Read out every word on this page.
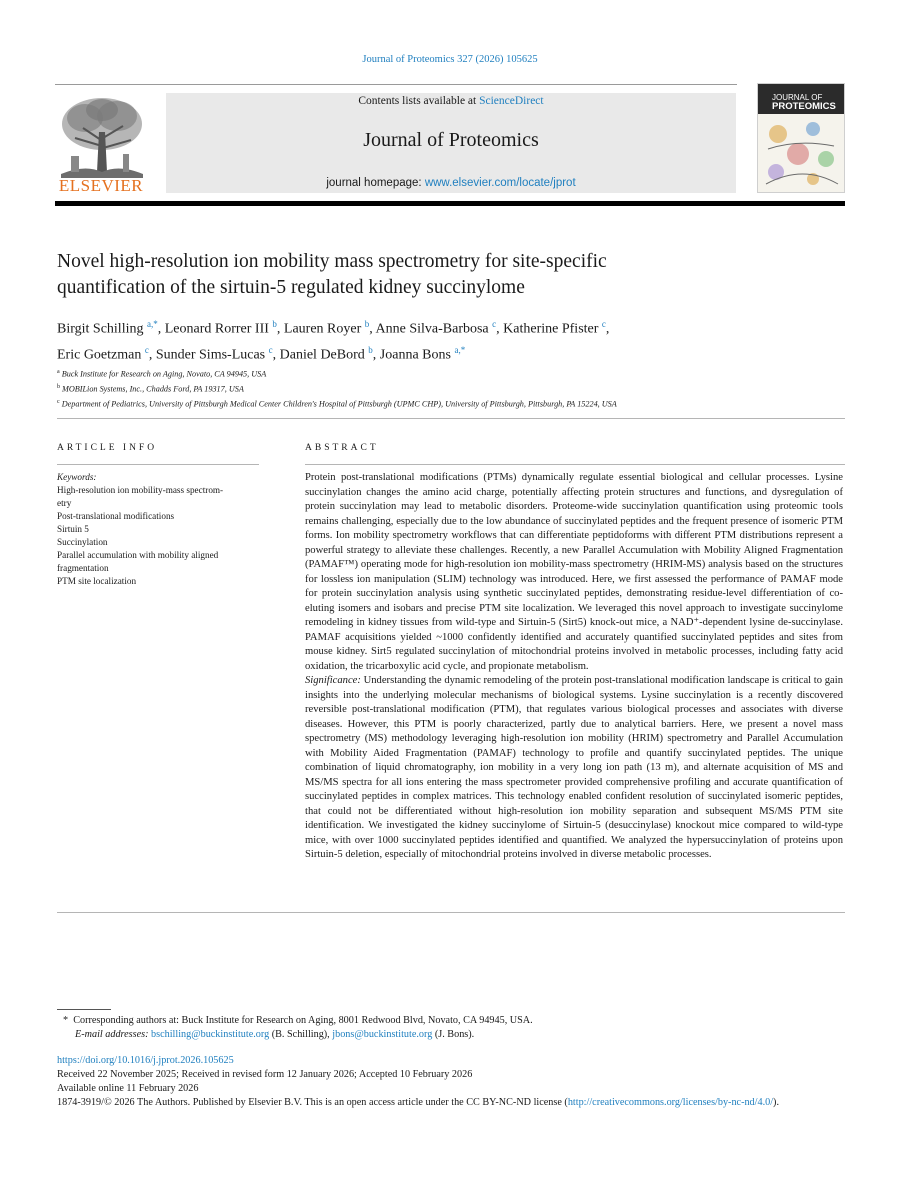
Journal of Proteomics 327 (2026) 105625
ELSEVIER
Contents lists available at ScienceDirect
Journal of Proteomics
journal homepage: www.elsevier.com/locate/jprot
JOURNAL OF
PROTEOMICS
Novel high-resolution ion mobility mass spectrometry for site-specific
quantification of the sirtuin-5 regulated kidney succinylome
Birgit Schilling $^{a,*}$, Leonard Rorrer III $^b$, Lauren Royer $^b$, Anne Silva-Barbosa $^c$, Katherine Pfister $^c$,
Eric Goetzman $^c$, Sunder Sims-Lucas $^c$, Daniel DeBord $^b$, Joanna Bons $^{a,*}$
$^a$ Buck Institute for Research on Aging, Novato, CA 94945, USA
$^b$ MOBILion Systems, Inc., Chadds Ford, PA 19317, USA
$^c$ Department of Pediatrics, University of Pittsburgh Medical Center Children's Hospital of Pittsburgh (UPMC CHP), University of Pittsburgh, Pittsburgh, PA 15224, USA
ARTICLE INFO
Keywords:
High-resolution ion mobility-mass spectrom-
etry
Post-translational modifications
Sirtuin 5
Succinylation
Parallel accumulation with mobility aligned
fragmentation
PTM site localization
ABSTRACT

Protein post-translational modifications (PTMs) dynamically regulate essential biological and cellular processes. Lysine succinylation changes the amino acid charge, potentially affecting protein structures and functions, and dysregulation of protein succinylation may lead to metabolic disorders. Proteome-wide succinylation quantification using proteomic tools remains challenging, especially due to the low abundance of succinylated peptides and the frequent presence of isomeric PTM forms. Ion mobility spectrometry workflows that can differentiate peptidoforms with different PTM distributions represent a powerful strategy to alleviate these challenges. Recently, a new Parallel Accumulation with Mobility Aligned Fragmentation (PAMAF™) operating mode for high-resolution ion mobility-mass spectrometry (HRIM-MS) analysis based on the structures for lossless ion manipulation (SLIM) technology was introduced. Here, we first assessed the performance of PAMAF mode for protein succinylation analysis using synthetic succinylated peptides, demonstrating residue-level differentiation of co-eluting isomers and isobars and precise PTM site localization. We leveraged this novel approach to investigate succinylome remodeling in kidney tissues from wild-type and Sirtuin-5 (Sirt5) knock-out mice, a NAD⁺-dependent lysine de-succinylase. PAMAF acquisitions yielded ~1000 confidently identified and accurately quantified succinylated peptides and sites from mouse kidney. Sirt5 regulated succinylation of mitochondrial proteins involved in metabolic processes, including fatty acid oxidation, the tricarboxylic acid cycle, and propionate metabolism.

Significance: Understanding the dynamic remodeling of the protein post-translational modification landscape is critical to gain insights into the underlying molecular mechanisms of biological systems. Lysine succinylation is a recently discovered reversible post-translational modification (PTM), that regulates various biological processes and associates with diverse diseases. However, this PTM is poorly characterized, partly due to analytical barriers. Here, we present a novel mass spectrometry (MS) methodology leveraging high-resolution ion mobility (HRIM) spectrometry and Parallel Accumulation with Mobility Aided Fragmentation (PAMAF) technology to profile and quantify succinylated peptides. The unique combination of liquid chromatography, ion mobility in a very long ion path (13 m), and alternate acquisition of MS and MS/MS spectra for all ions entering the mass spectrometer provided comprehensive profiling and accurate quantification of succinylated peptides in complex matrices. This technology enabled confident resolution of succinylated isomeric peptides, that could not be differentiated without high-resolution ion mobility separation and subsequent MS/MS PTM site identification. We investigated the kidney succinylome of Sirtuin-5 (desuccinylase) knockout mice compared to wild-type mice, with over 1000 succinylated peptides identified and quantified. We analyzed the hypersuccinylation of proteins upon Sirtuin-5 deletion, especially of mitochondrial proteins involved in diverse metabolic processes.

* Corresponding authors at: Buck Institute for Research on Aging, 8001 Redwood Blvd, Novato, CA 94945, USA.
E-mail addresses: bschilling@buckinstitute.org (B. Schilling), jbons@buckinstitute.org (J. Bons).
https://doi.org/10.1016/j.jprot.2026.105625
Received 22 November 2025; Received in revised form 12 January 2026; Accepted 10 February 2026
Available online 11 February 2026
1874-3919/© 2026 The Authors. Published by Elsevier B.V. This is an open access article under the CC BY-NC-ND license (http://creativecommons.org/licenses/by-nc-nd/4.0/).
